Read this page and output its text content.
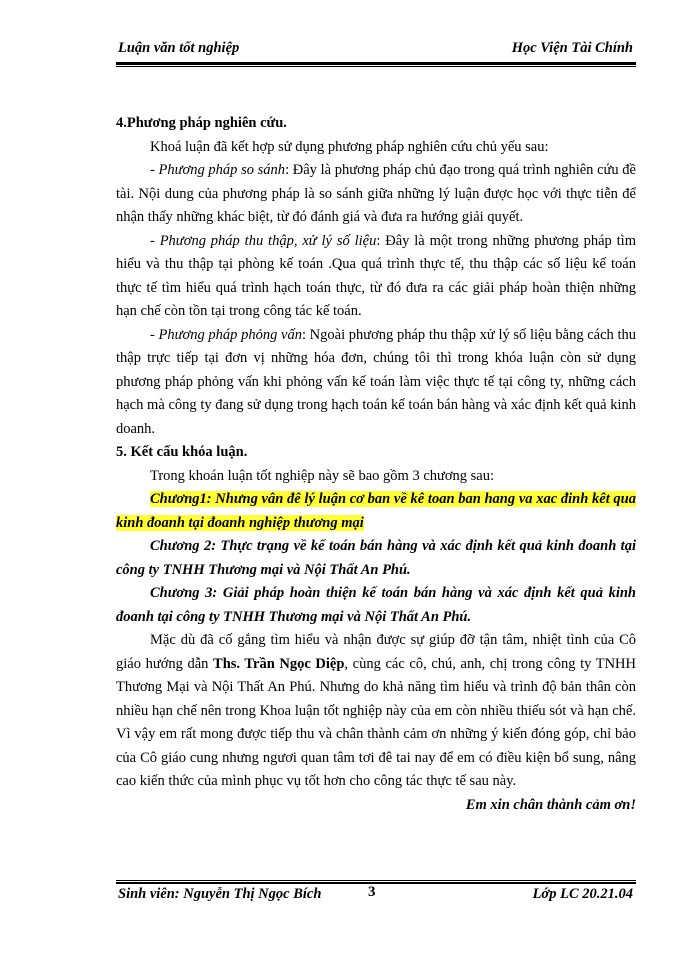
Luận văn tốt nghiệp	Học Viện Tài Chính

4.Phương pháp nghiên cứu.

Khoá luận đã kết hợp sử dụng phương pháp nghiên cứu chủ yếu sau:

- Phương pháp so sánh: Đây là phương pháp chủ đạo trong quá trình nghiên cứu đề tài. Nội dung của phương pháp là so sánh giữa những lý luận được học với thực tiễn để nhận thấy những khác biệt, từ đó đánh giá và đưa ra hướng giải quyết.

- Phương pháp thu thập, xử lý số liệu: Đây là một trong những phương pháp tìm hiểu và thu thập tại phòng kế toán .Qua quá trình thực tế, thu thập các số liệu kế toán thực tế tìm hiểu quá trình hạch toán thực, từ đó đưa ra các giải pháp hoàn thiện những hạn chế còn tồn tại trong công tác kế toán.

- Phương pháp phỏng vấn: Ngoài phương pháp thu thập xử lý số liệu bằng cách thu thập trực tiếp tại đơn vị những hóa đơn, chúng tôi thì trong khóa luận còn sử dụng phương pháp phỏng vấn khi phỏng vấn kế toán làm việc thực tế tại công ty, những cách hạch mà công ty đang sử dụng trong hạch toán kế toán bán hàng và xác định kết quả kinh doanh.

5. Kết cấu khóa luận.

Trong khoán luận tốt nghiệp này sẽ bao gồm 3 chương sau:

Chương1: Nhưng vân đê lý luận cơ ban về kê toan ban hang va xac đinh kêt qua kinh đoanh tại đoanh nghiệp thương mại

Chương 2: Thực trạng về kế toán bán hàng và xác định kết quả kinh đoanh tại công ty TNHH Thương mại và Nội Thất An Phú.

Chương 3: Giải pháp hoàn thiện kế toán bán hàng và xác định kết quả kinh đoanh tại công ty TNHH Thương mại và Nội Thất An Phú.

Mặc dù đã cố gắng tìm hiểu và nhận được sự giúp đỡ tận tâm, nhiệt tình của Cô giáo hướng dẫn Ths. Trần Ngọc Diệp, cùng các cô, chú, anh, chị trong công ty TNHH Thương Mại và Nội Thất An Phú. Nhưng do khả năng tìm hiểu và trình độ bản thân còn nhiều hạn chế nên trong Khoa luận tốt nghiệp này của em còn nhiều thiếu sót và hạn chế. Vì vậy em rất mong được tiếp thu và chân thành cảm ơn những ý kiến đóng góp, chỉ bảo của Cô giáo cung nhưng ngươi quan tâm tơi đê tai nay để em có điều kiện bổ sung, nâng cao kiến thức của mình phục vụ tốt hơn cho công tác thực tế sau này.

Em xin chân thành cảm ơn!

Sinh viên: Nguyễn Thị Ngọc Bích	3	Lớp LC 20.21.04
